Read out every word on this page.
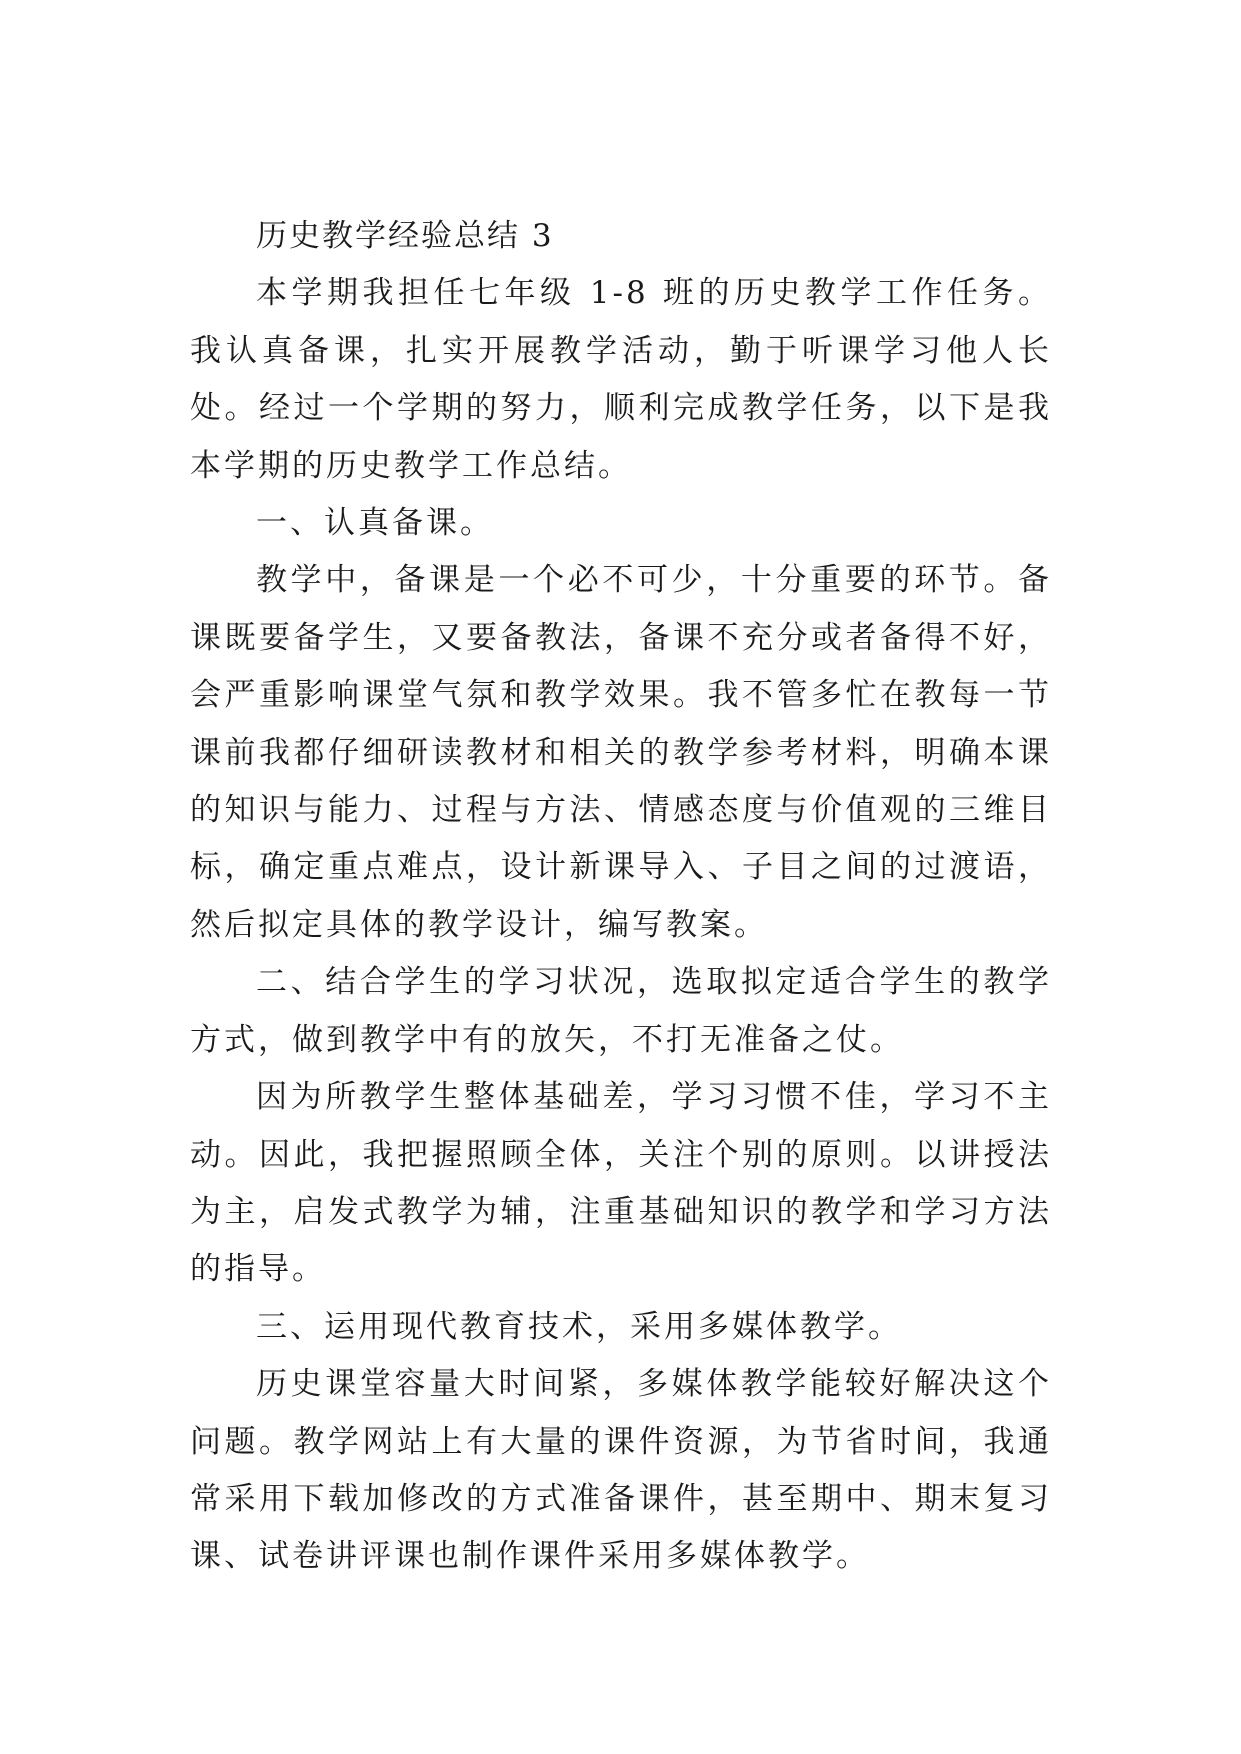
历史教学经验总结 3

本学期我担任七年级 1-8 班的历史教学工作任务。我认真备课，扎实开展教学活动，勤于听课学习他人长处。经过一个学期的努力，顺利完成教学任务，以下是我本学期的历史教学工作总结。

一、认真备课。

教学中，备课是一个必不可少，十分重要的环节。备课既要备学生，又要备教法，备课不充分或者备得不好，会严重影响课堂气氛和教学效果。我不管多忙在教每一节课前我都仔细研读教材和相关的教学参考材料，明确本课的知识与能力、过程与方法、情感态度与价值观的三维目标，确定重点难点，设计新课导入、子目之间的过渡语，然后拟定具体的教学设计，编写教案。

二、结合学生的学习状况，选取拟定适合学生的教学方式，做到教学中有的放矢，不打无准备之仗。

因为所教学生整体基础差，学习习惯不佳，学习不主动。因此，我把握照顾全体，关注个别的原则。以讲授法为主，启发式教学为辅，注重基础知识的教学和学习方法的指导。

三、运用现代教育技术，采用多媒体教学。

历史课堂容量大时间紧，多媒体教学能较好解决这个问题。教学网站上有大量的课件资源，为节省时间，我通常采用下载加修改的方式准备课件，甚至期中、期末复习课、试卷讲评课也制作课件采用多媒体教学。
